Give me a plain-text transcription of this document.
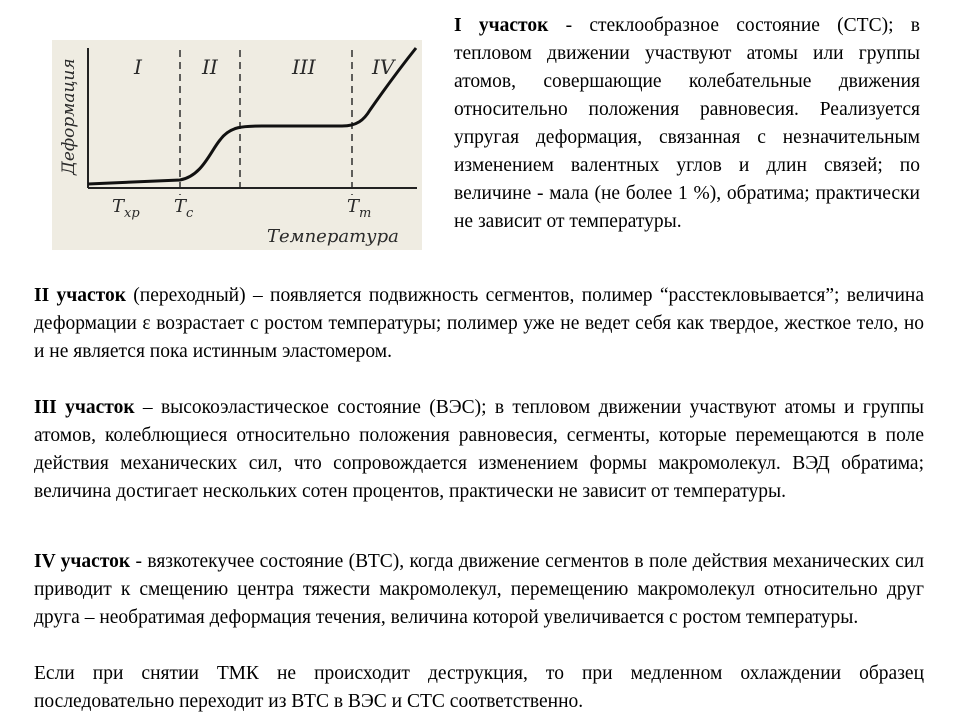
I	II	III	IV
Деформация
Температура
$T_{хр}$ $T_c$	$T_т$

I участок - стеклообразное состояние (СТС); в тепловом движении участвуют атомы или группы атомов, совершающие колебательные движения относительно положения равновесия. Реализуется упругая деформация, связанная с незначительным изменением валентных углов и длин связей; по величине - мала (не более 1 %), обратима; практически не зависит от температуры.

II участок (переходный) – появляется подвижность сегментов, полимер “расстекловывается”; величина деформации ε возрастает с ростом температуры; полимер уже не ведет себя как твердое, жесткое тело, но и не является пока истинным эластомером.

III участок – высокоэластическое состояние (ВЭС); в тепловом движении участвуют атомы и группы атомов, колеблющиеся относительно положения равновесия, сегменты, которые перемещаются в поле действия механических сил, что сопровождается изменением формы макромолекул. ВЭД обратима; величина достигает нескольких сотен процентов, практически не зависит от температуры.

IV участок - вязкотекучее состояние (ВТС), когда движение сегментов в поле действия механических сил приводит к смещению центра тяжести макромолекул, перемещению макромолекул относительно друг друга – необратимая деформация течения, величина которой увеличивается с ростом температуры.

Если при снятии ТМК не происходит деструкция, то при медленном охлаждении образец последовательно переходит из ВТС в ВЭС и СТС соответственно.
